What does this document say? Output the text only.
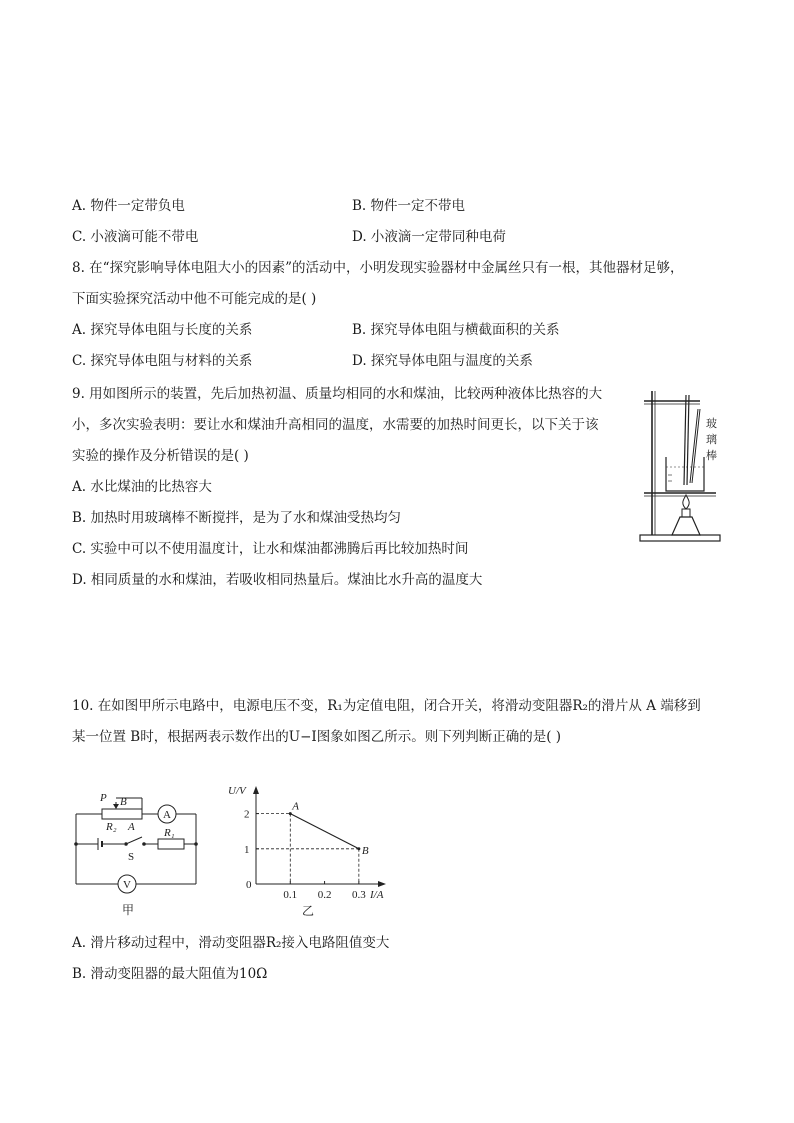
A. 物件一定带负电	B. 物件一定不带电
C. 小液滴可能不带电	D. 小液滴一定带同种电荷
8. 在“探究影响导体电阻大小的因素”的活动中，小明发现实验器材中金属丝只有一根，其他器材足够，
下面实验探究活动中他不可能完成的是( )
A. 探究导体电阻与长度的关系	B. 探究导体电阻与横截面积的关系
C. 探究导体电阻与材料的关系	D. 探究导体电阻与温度的关系
9. 用如图所示的装置，先后加热初温、质量均相同的水和煤油，比较两种液体比热容的大
小，多次实验表明：要让水和煤油升高相同的温度，水需要的加热时间更长，以下关于该
实验的操作及分析错误的是( )
A. 水比煤油的比热容大
B. 加热时用玻璃棒不断搅拌，是为了水和煤油受热均匀
C. 实验中可以不使用温度计，让水和煤油都沸腾后再比较加热时间
D. 相同质量的水和煤油，若吸收相同热量后。煤油比水升高的温度大
玻
璃
棒
10. 在如图甲所示电路中，电源电压不变，R₁为定值电阻，闭合开关，将滑动变阻器R₂的滑片从 A 端移到
某一位置 B时，根据两表示数作出的U−I图象如图乙所示。则下列判断正确的是( )
A
V
P B
A
R₂	R₁
S
甲
U/V
I/A
0
0.1 0.2 0.3
1
2
A
B
乙
A. 滑片移动过程中，滑动变阻器R₂接入电路阻值变大
B. 滑动变阻器的最大阻值为10Ω
